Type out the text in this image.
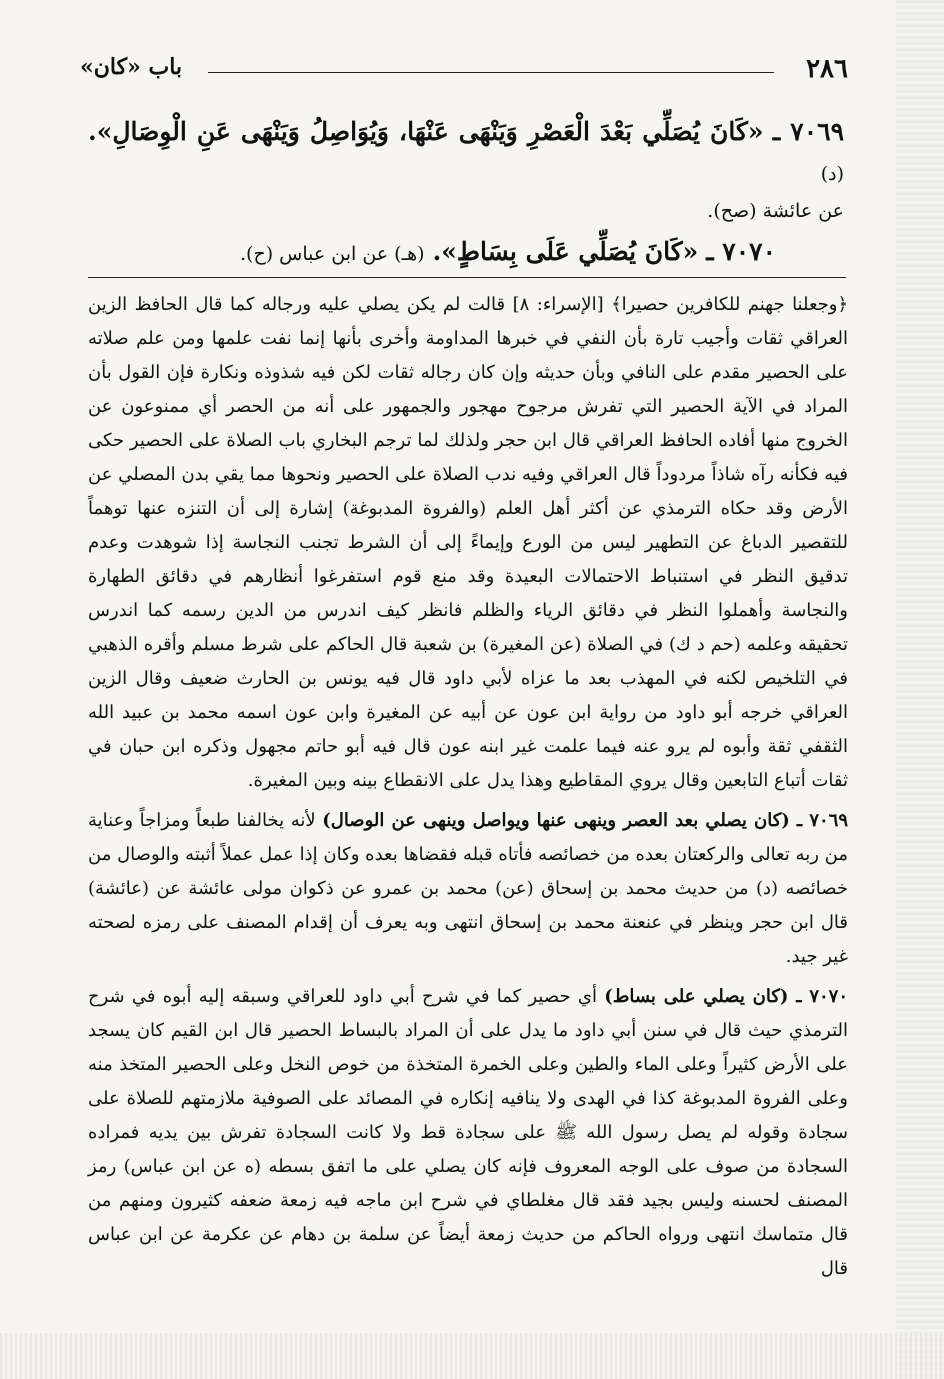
٢٨٦
باب «كان»

٧٠٦٩ ـ «كَانَ يُصَلِّي بَعْدَ الْعَصْرِ وَيَنْهَى عَنْهَا، وَيُوَاصِلُ وَيَنْهَى عَنِ الْوِصَالِ». (د)

عن عائشة (صح).

٧٠٧٠ ـ «كَانَ يُصَلِّي عَلَى بِسَاطٍ». (هـ) عن ابن عباس (ح).

﴿وجعلنا جهنم للكافرين حصيرا﴾ [الإسراء: ٨] قالت لم يكن يصلي عليه ورجاله كما قال الحافظ الزين العراقي ثقات وأجيب تارة بأن النفي في خبرها المداومة وأخرى بأنها إنما نفت علمها ومن علم صلاته على الحصير مقدم على النافي وبأن حديثه وإن كان رجاله ثقات لكن فيه شذوذه ونكارة فإن القول بأن المراد في الآية الحصير التي تفرش مرجوح مهجور والجمهور على أنه من الحصر أي ممنوعون عن الخروج منها أفاده الحافظ العراقي قال ابن حجر ولذلك لما ترجم البخاري باب الصلاة على الحصير حكى فيه فكأنه رآه شاذاً مردوداً قال العراقي وفيه ندب الصلاة على الحصير ونحوها مما يقي بدن المصلي عن الأرض وقد حكاه الترمذي عن أكثر أهل العلم (والفروة المدبوغة) إشارة إلى أن التنزه عنها توهماً للتقصير الدباغ عن التطهير ليس من الورع وإيماءً إلى أن الشرط تجنب النجاسة إذا شوهدت وعدم تدقيق النظر في استنباط الاحتمالات البعيدة وقد منع قوم استفرغوا أنظارهم في دقائق الطهارة والنجاسة وأهملوا النظر في دقائق الرياء والظلم فانظر كيف اندرس من الدين رسمه كما اندرس تحقيقه وعلمه (حم د ك) في الصلاة (عن المغيرة) بن شعبة قال الحاكم على شرط مسلم وأقره الذهبي في التلخيص لكنه في المهذب بعد ما عزاه لأبي داود قال فيه يونس بن الحارث ضعيف وقال الزين العراقي خرجه أبو داود من رواية ابن عون عن أبيه عن المغيرة وابن عون اسمه محمد بن عبيد الله الثقفي ثقة وأبوه لم يرو عنه فيما علمت غير ابنه عون قال فيه أبو حاتم مجهول وذكره ابن حبان في ثقات أتباع التابعين وقال يروي المقاطيع وهذا يدل على الانقطاع بينه وبين المغيرة.

٧٠٦٩ ـ (كان يصلي بعد العصر وينهى عنها ويواصل وينهى عن الوصال) لأنه يخالفنا طبعاً ومزاجاً وعناية من ربه تعالى والركعتان بعده من خصائصه فأتاه قبله فقضاها بعده وكان إذا عمل عملاً أثبته والوصال من خصائصه (د) من حديث محمد بن إسحاق (عن) محمد بن عمرو عن ذكوان مولى عائشة عن (عائشة) قال ابن حجر وينظر في عنعنة محمد بن إسحاق انتهى وبه يعرف أن إقدام المصنف على رمزه لصحته غير جيد.

٧٠٧٠ ـ (كان يصلي على بساط) أي حصير كما في شرح أبي داود للعراقي وسبقه إليه أبوه في شرح الترمذي حيث قال في سنن أبي داود ما يدل على أن المراد بالبساط الحصير قال ابن القيم كان يسجد على الأرض كثيراً وعلى الماء والطين وعلى الخمرة المتخذة من خوص النخل وعلى الحصير المتخذ منه وعلى الفروة المدبوغة كذا في الهدى ولا ينافيه إنكاره في المصائد على الصوفية ملازمتهم للصلاة على سجادة وقوله لم يصل رسول الله ﷺ على سجادة قط ولا كانت السجادة تفرش بين يديه فمراده السجادة من صوف على الوجه المعروف فإنه كان يصلي على ما اتفق بسطه (ه عن ابن عباس) رمز المصنف لحسنه وليس بجيد فقد قال مغلطاي في شرح ابن ماجه فيه زمعة ضعفه كثيرون ومنهم من قال متماسك انتهى ورواه الحاكم من حديث زمعة أيضاً عن سلمة بن دهام عن عكرمة عن ابن عباس قال
